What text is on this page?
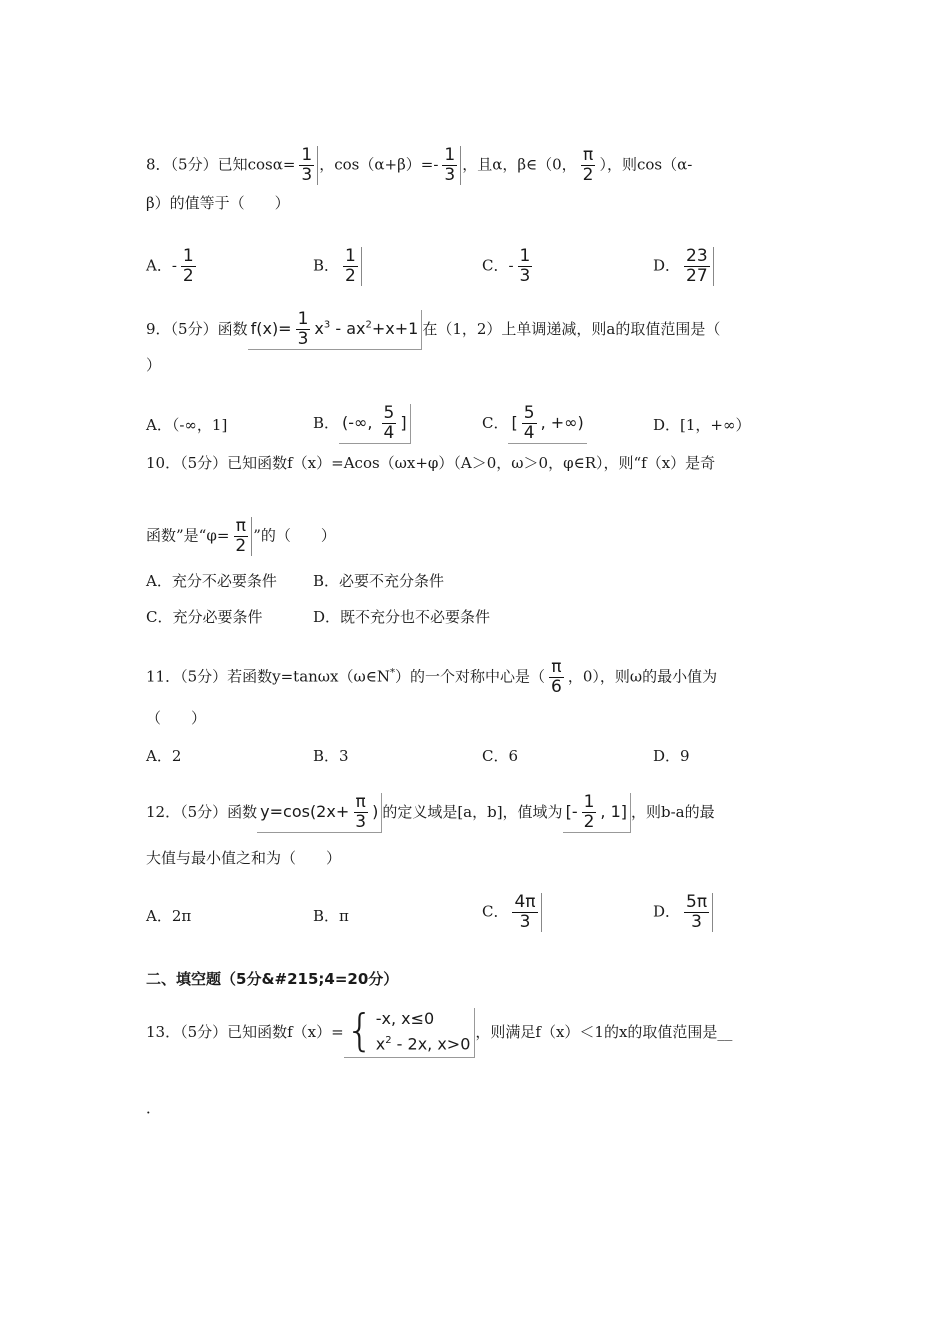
8．（5分）已知$\cos\alpha= \frac{1}{3}$ ，$\cos(\alpha+\beta)=- \frac{1}{3}$ ，且α，β∈（0， $\frac{\pi}{2}$ ），则cos（α-
β）的值等于（　　）
A．- $\frac{1}{2}$	B． $\frac{1}{2}$	C．- $\frac{1}{3}$	D． $\frac{23}{27}$
9．（5分）函数 $f(x)= \frac{1}{3} x^3 - ax^2+x+1$ 在（1，2）上单调递减，则a的取值范围是（
）
A．（-∞，1]	B． (-∞, $\frac{5}{4}$ ]	C． [ $\frac{5}{4}$ , +∞)	D．[1，+∞）
10．（5分）已知函数f（x）=Acos（ωx+φ）（A＞0，ω＞0，φ∈R），则“f（x）是奇
函数”是“$\varphi= \frac{\pi}{2}$ ”的（　　）
A．充分不必要条件 B．必要不充分条件
C．充分必要条件	D．既不充分也不必要条件
11．（5分）若函数y=tanωx（ω∈N*）的一个对称中心是（ $\frac{\pi}{6}$ ，0），则ω的最小值为
（　　）
A．2	B．3	C．6	D．9
12．（5分）函数 $y=\cos(2x+ \frac{\pi}{3}$ ) 的定义域是[a，b]，值域为 [- $\frac{1}{2}$ , 1] ，则b-a的最
大值与最小值之和为（　　）
A．2π	B．π	C． $\frac{4\pi}{3}$	D． $\frac{5\pi}{3}$
二、填空题（5分&#215;4=20分）
13．（5分）已知函数f（x）= { -x, x≤0
$x^2 - 2x$, x>0
，则满足f（x）＜1的x的取值范围是__
．
